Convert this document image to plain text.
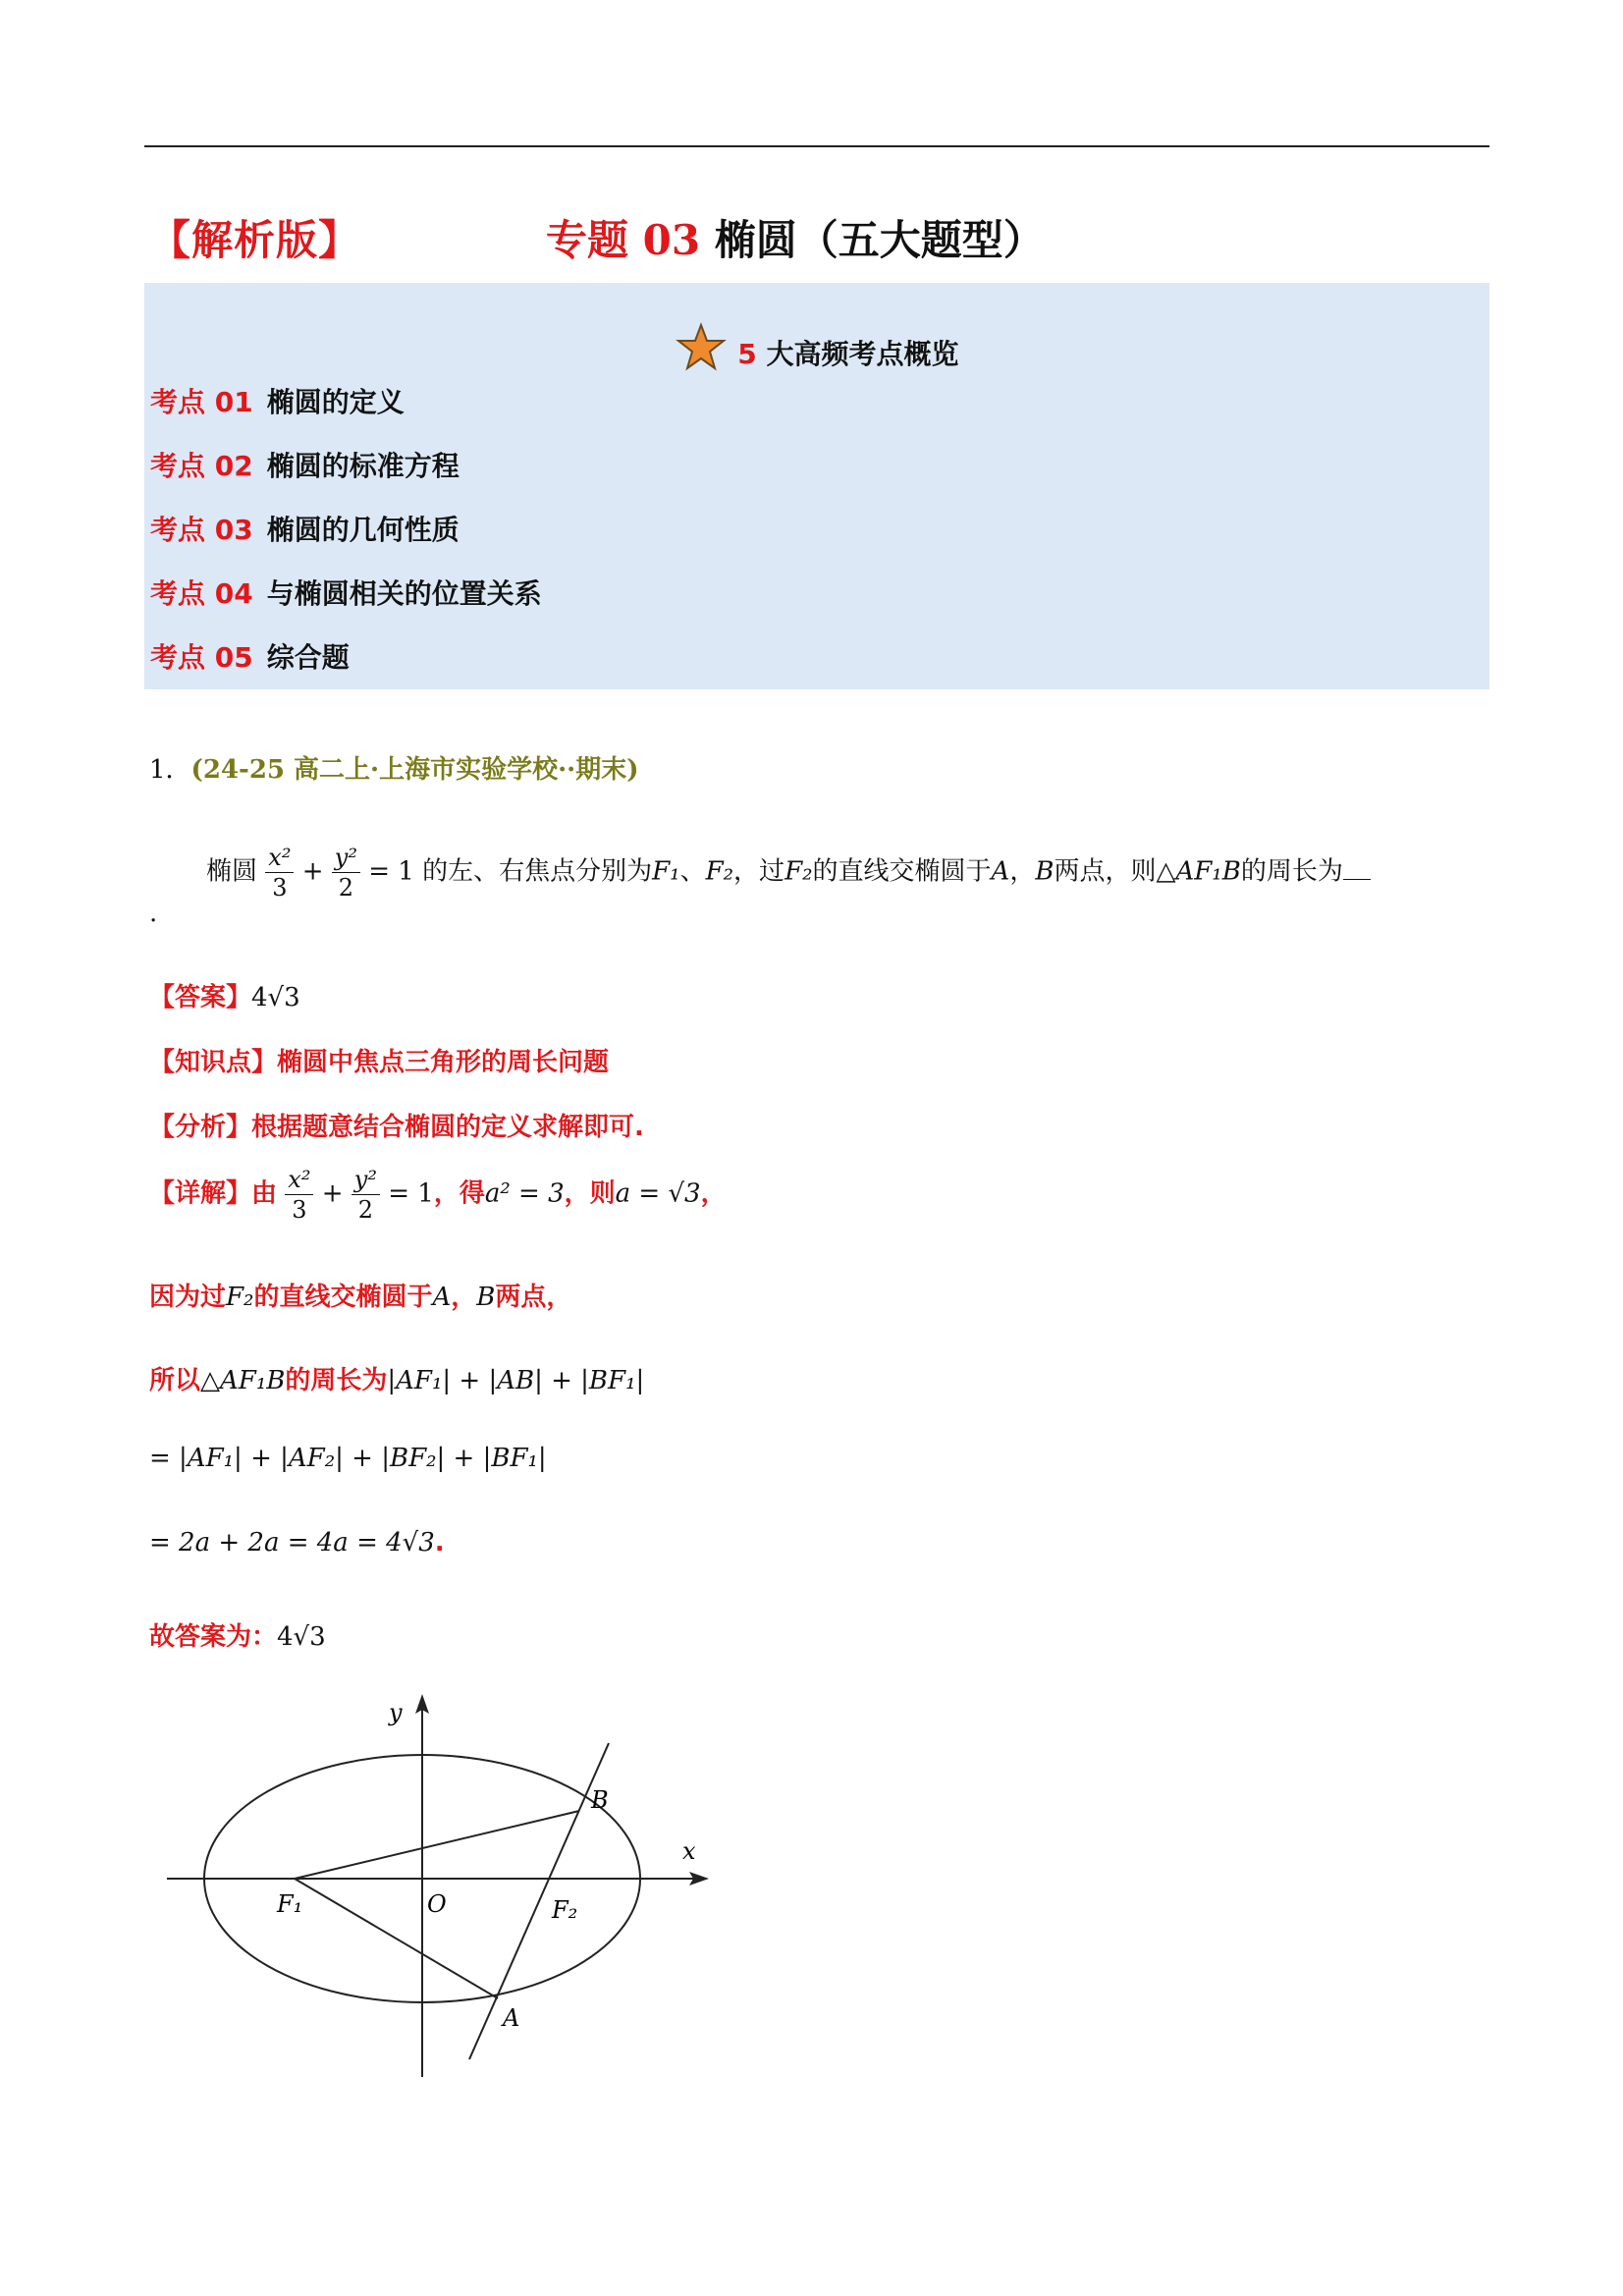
【解析版】	专题 03 椭圆（五大题型）
5 大高频考点概览
考点 01 椭圆的定义
考点 02 椭圆的标准方程
考点 03 椭圆的几何性质
考点 04 与椭圆相关的位置关系
考点 05 综合题
1．(24-25 高二上·上海市实验学校··期末)
椭圆 $\frac{\text{x²}}{3} + \frac{\text{y²}}{2} = 1$ 的左、右焦点分别为F₁、F₂，过F₂的直线交椭圆于A，B两点，则△AF₁B的周长为
.
【答案】4√3
【知识点】椭圆中焦点三角形的周长问题
【分析】根据题意结合椭圆的定义求解即可.
【详解】由 $\frac{\text{x²}}{3} + \frac{\text{y²}}{2} = 1$，得a² = 3，则a = √3，
因为过F₂的直线交椭圆于A，B两点，
所以△AF₁B的周长为|AF₁| + |AB| + |BF₁|
= |AF₁| + |AF₂| + |BF₂| + |BF₁|
= 2a + 2a = 4a = 4√3.
故答案为：4√3
y
x
O
F₁	F₂
A
B
